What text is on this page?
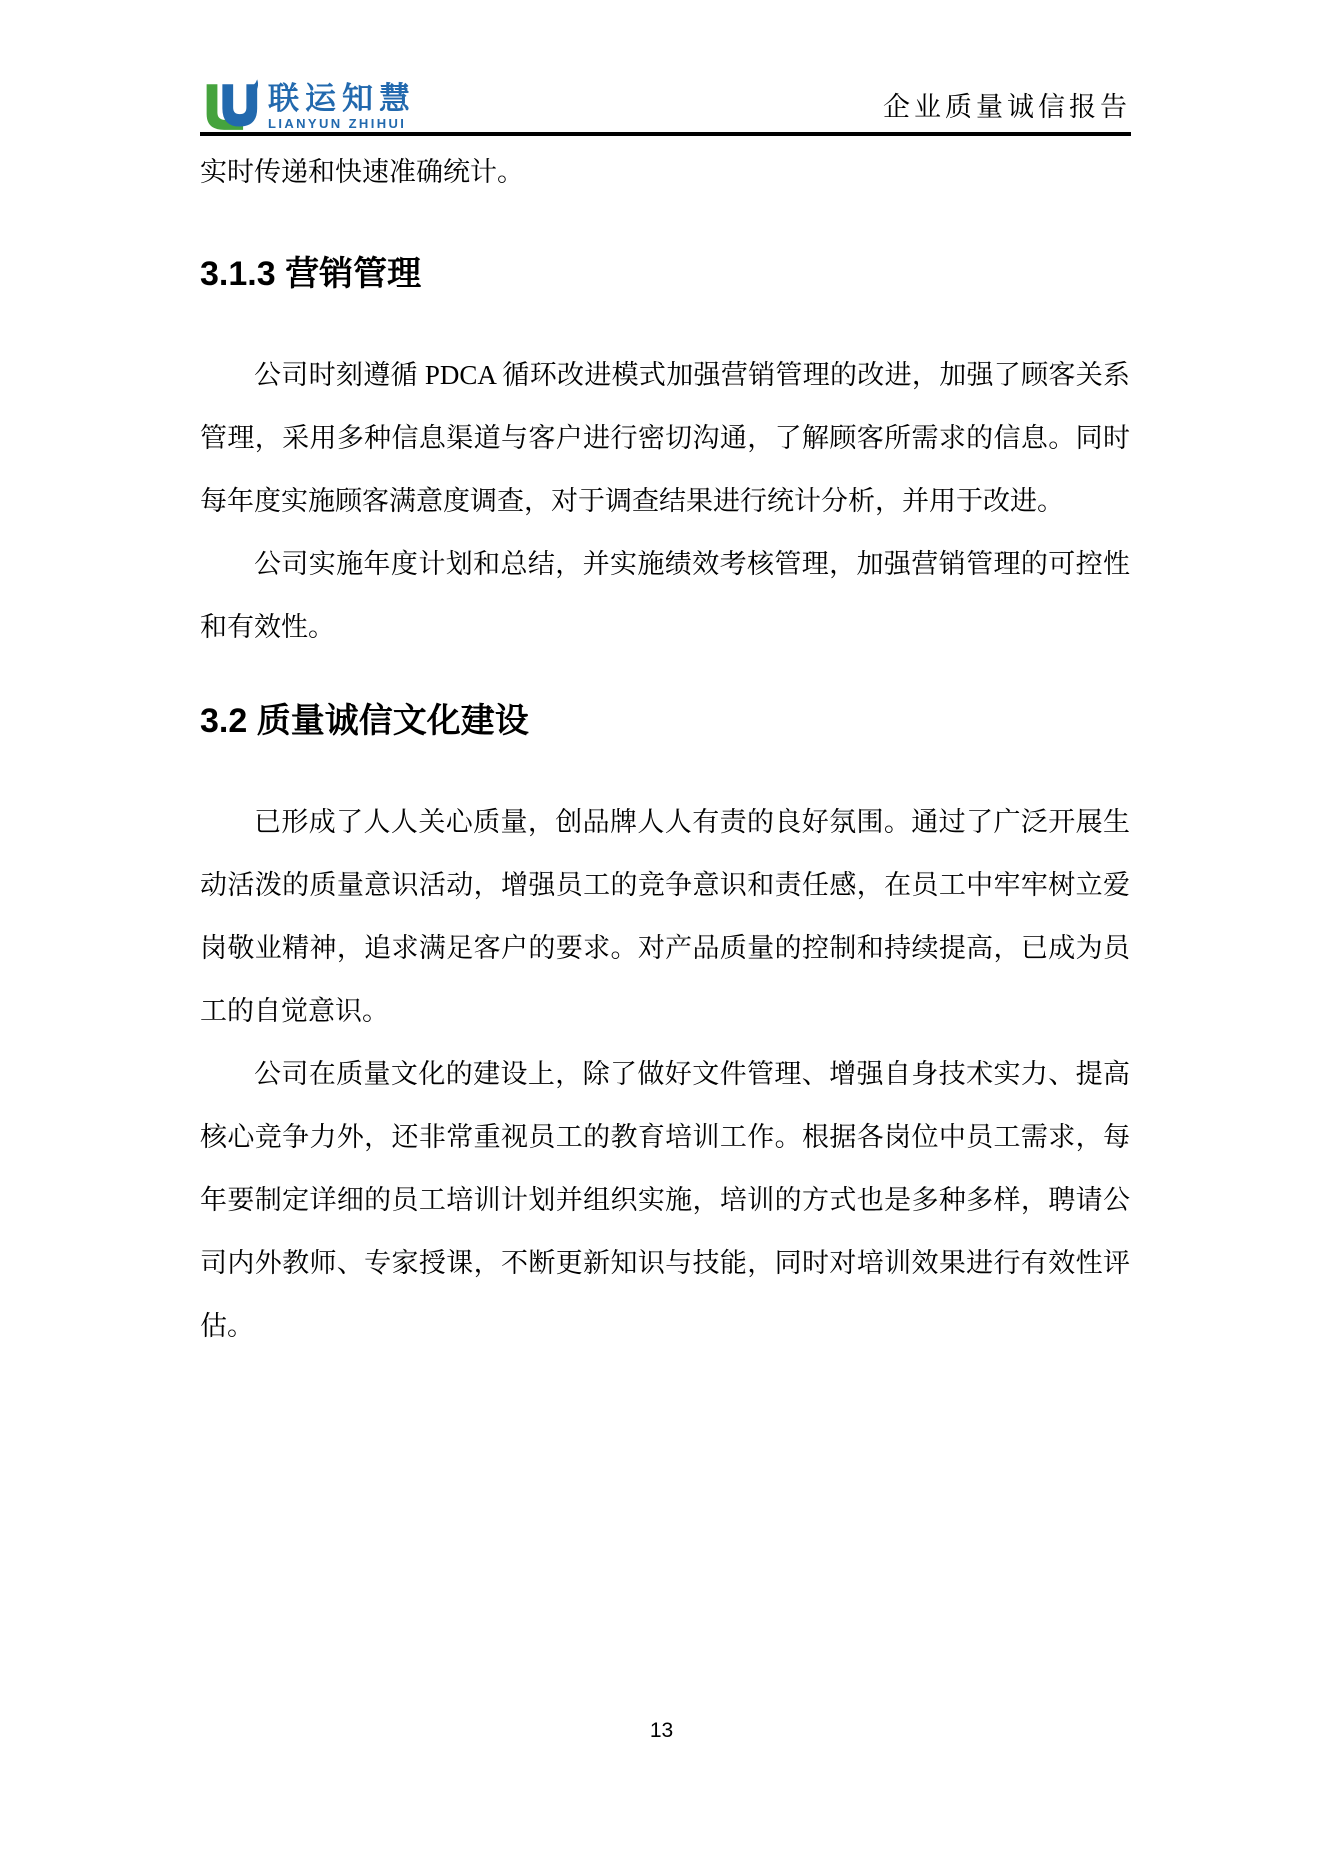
联运知慧
LIANYUN ZHIHUI
企业质量诚信报告

实时传递和快速准确统计。

3.1.3 营销管理

公司时刻遵循 PDCA 循环改进模式加强营销管理的改进，加强了顾客关系管理，采用多种信息渠道与客户进行密切沟通，了解顾客所需求的信息。同时每年度实施顾客满意度调查，对于调查结果进行统计分析，并用于改进。

公司实施年度计划和总结，并实施绩效考核管理，加强营销管理的可控性和有效性。

3.2 质量诚信文化建设

已形成了人人关心质量，创品牌人人有责的良好氛围。通过了广泛开展生动活泼的质量意识活动，增强员工的竞争意识和责任感，在员工中牢牢树立爱岗敬业精神，追求满足客户的要求。对产品质量的控制和持续提高，已成为员工的自觉意识。

公司在质量文化的建设上，除了做好文件管理、增强自身技术实力、提高核心竞争力外，还非常重视员工的教育培训工作。根据各岗位中员工需求，每年要制定详细的员工培训计划并组织实施，培训的方式也是多种多样，聘请公司内外教师、专家授课，不断更新知识与技能，同时对培训效果进行有效性评估。

13
